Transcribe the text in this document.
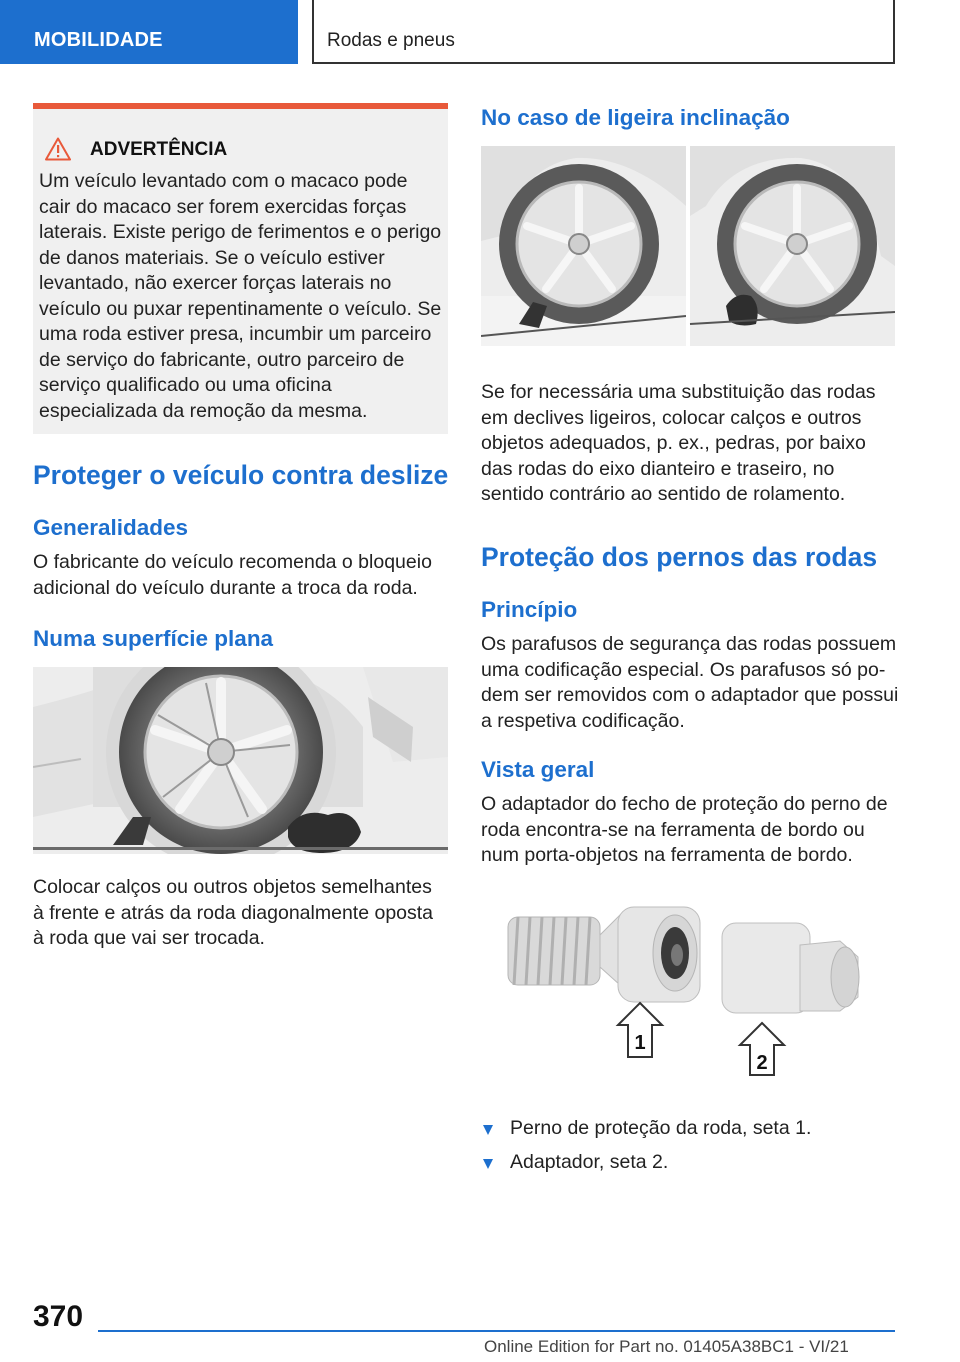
MOBILIDADE	Rodas e pneus
ADVERTÊNCIA

Um veículo levantado com o macaco pode cair do macaco ser forem exercidas forças laterais. Existe perigo de ferimentos e o perigo de danos materiais. Se o veículo estiver levantado, não exercer forças laterais no veículo ou puxar repentinamente o veículo. Se uma roda estiver presa, incumbir um parceiro de serviço do fabricante, outro parceiro de serviço qualificado ou uma oficina especializada da remoção da mesma.

Proteger o veículo contra deslize
Generalidades

O fabricante do veículo recomenda o bloqueio adicional do veículo durante a troca da roda.

Numa superfície plana

Colocar calços ou outros objetos semelhantes à frente e atrás da roda diagonalmente oposta à roda que vai ser trocada.

No caso de ligeira inclinação

Se for necessária uma substituição das rodas em declives ligeiros, colocar calços e outros objetos adequados, p. ex., pedras, por baixo das rodas do eixo dianteiro e traseiro, no sentido contrário ao sentido de rolamento.

Proteção dos pernos das rodas
Princípio

Os parafusos de segurança das rodas possuem uma codificação especial. Os parafusos só podem ser removidos com o adaptador que possui a respetiva codificação.

Vista geral

O adaptador do fecho de proteção do perno de roda encontra-se na ferramenta de bordo ou num porta-objetos na ferramenta de bordo.

1
2
Perno de proteção da roda, seta 1.
Adaptador, seta 2.
370
Online Edition for Part no. 01405A38BC1 - VI/21
